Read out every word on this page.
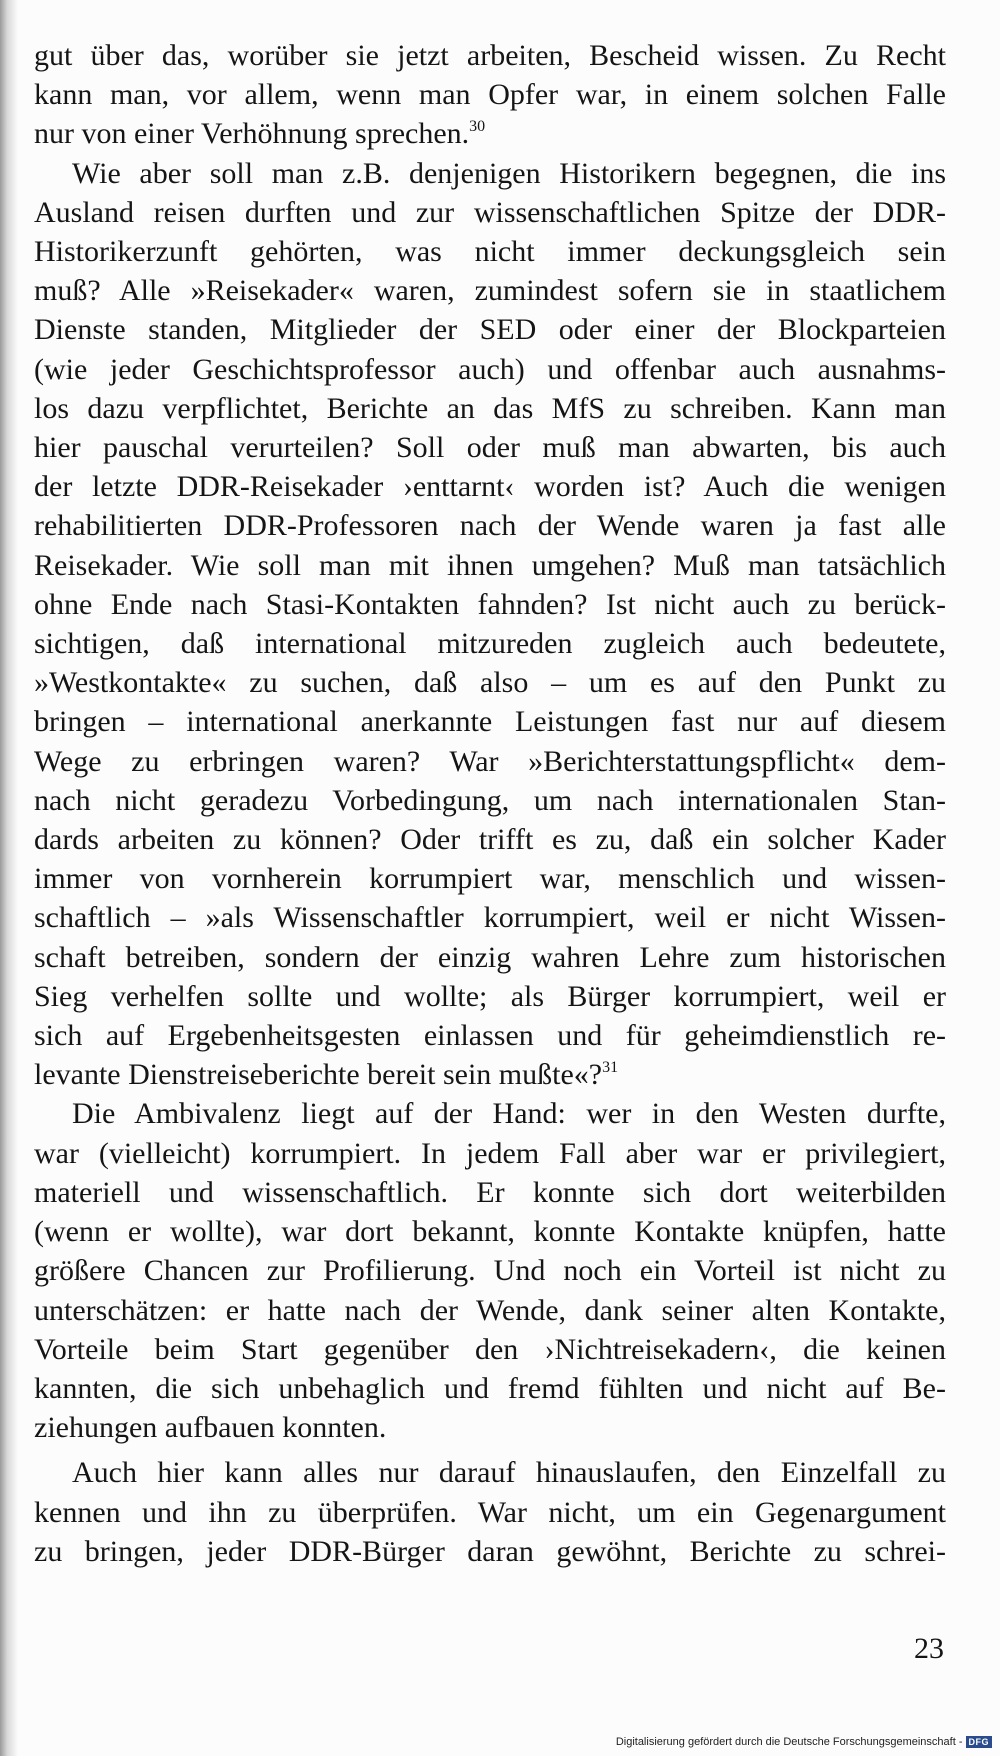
gut über das, worüber sie jetzt arbeiten, Bescheid wissen. Zu Recht
kann man, vor allem, wenn man Opfer war, in einem solchen Falle
nur von einer Verhöhnung sprechen.$^{30}$
Wie aber soll man z.B. denjenigen Historikern begegnen, die ins
Ausland reisen durften und zur wissenschaftlichen Spitze der DDR-
Historikerzunft gehörten, was nicht immer deckungsgleich sein
muß? Alle »Reisekader« waren, zumindest sofern sie in staatlichem
Dienste standen, Mitglieder der SED oder einer der Blockparteien
(wie jeder Geschichtsprofessor auch) und offenbar auch ausnahms-
los dazu verpflichtet, Berichte an das MfS zu schreiben. Kann man
hier pauschal verurteilen? Soll oder muß man abwarten, bis auch
der letzte DDR-Reisekader ›enttarnt‹ worden ist? Auch die wenigen
rehabilitierten DDR-Professoren nach der Wende waren ja fast alle
Reisekader. Wie soll man mit ihnen umgehen? Muß man tatsächlich
ohne Ende nach Stasi-Kontakten fahnden? Ist nicht auch zu berück-
sichtigen, daß international mitzureden zugleich auch bedeutete,
»Westkontakte« zu suchen, daß also – um es auf den Punkt zu
bringen – international anerkannte Leistungen fast nur auf diesem
Wege zu erbringen waren? War »Berichterstattungspflicht« dem-
nach nicht geradezu Vorbedingung, um nach internationalen Stan-
dards arbeiten zu können? Oder trifft es zu, daß ein solcher Kader
immer von vornherein korrumpiert war, menschlich und wissen-
schaftlich – »als Wissenschaftler korrumpiert, weil er nicht Wissen-
schaft betreiben, sondern der einzig wahren Lehre zum historischen
Sieg verhelfen sollte und wollte; als Bürger korrumpiert, weil er
sich auf Ergebenheitsgesten einlassen und für geheimdienstlich re-
levante Dienstreiseberichte bereit sein mußte«?$^{31}$
Die Ambivalenz liegt auf der Hand: wer in den Westen durfte,
war (vielleicht) korrumpiert. In jedem Fall aber war er privilegiert,
materiell und wissenschaftlich. Er konnte sich dort weiterbilden
(wenn er wollte), war dort bekannt, konnte Kontakte knüpfen, hatte
größere Chancen zur Profilierung. Und noch ein Vorteil ist nicht zu
unterschätzen: er hatte nach der Wende, dank seiner alten Kontakte,
Vorteile beim Start gegenüber den ›Nichtreisekadern‹, die keinen
kannten, die sich unbehaglich und fremd fühlten und nicht auf Be-
ziehungen aufbauen konnten.
Auch hier kann alles nur darauf hinauslaufen, den Einzelfall zu
kennen und ihn zu überprüfen. War nicht, um ein Gegenargument
zu bringen, jeder DDR-Bürger daran gewöhnt, Berichte zu schrei-
23
Digitalisierung gefördert durch die Deutsche Forschungsgemeinschaft - DFG
